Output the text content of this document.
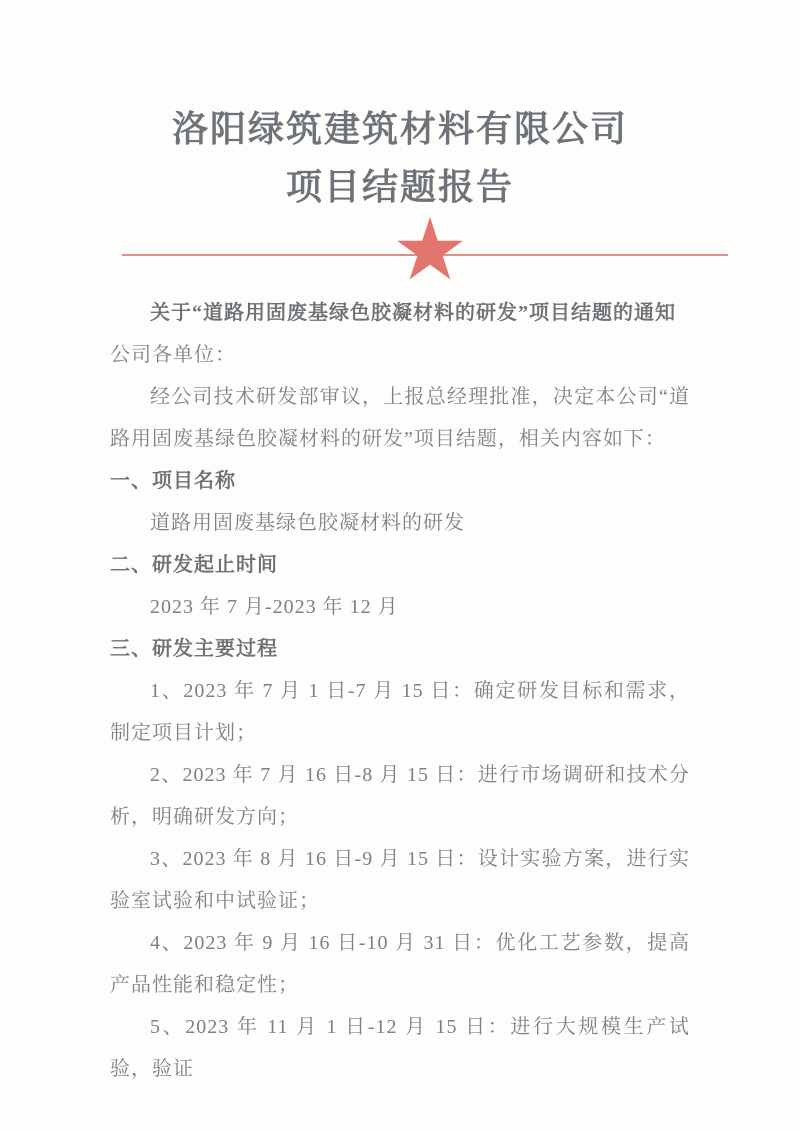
洛阳绿筑建筑材料有限公司
项目结题报告

关于“道路用固废基绿色胶凝材料的研发”项目结题的通知

公司各单位：

经公司技术研发部审议，上报总经理批准，决定本公司“道路用固废基绿色胶凝材料的研发”项目结题，相关内容如下：

一、项目名称

道路用固废基绿色胶凝材料的研发

二、研发起止时间

2023 年 7 月-2023 年 12 月

三、研发主要过程

1、2023 年 7 月 1 日-7 月 15 日：确定研发目标和需求，制定项目计划；

2、2023 年 7 月 16 日-8 月 15 日：进行市场调研和技术分析，明确研发方向；

3、2023 年 8 月 16 日-9 月 15 日：设计实验方案，进行实验室试验和中试验证；

4、2023 年 9 月 16 日-10 月 31 日：优化工艺参数，提高产品性能和稳定性；

5、2023 年 11 月 1 日-12 月 15 日：进行大规模生产试验，验证
